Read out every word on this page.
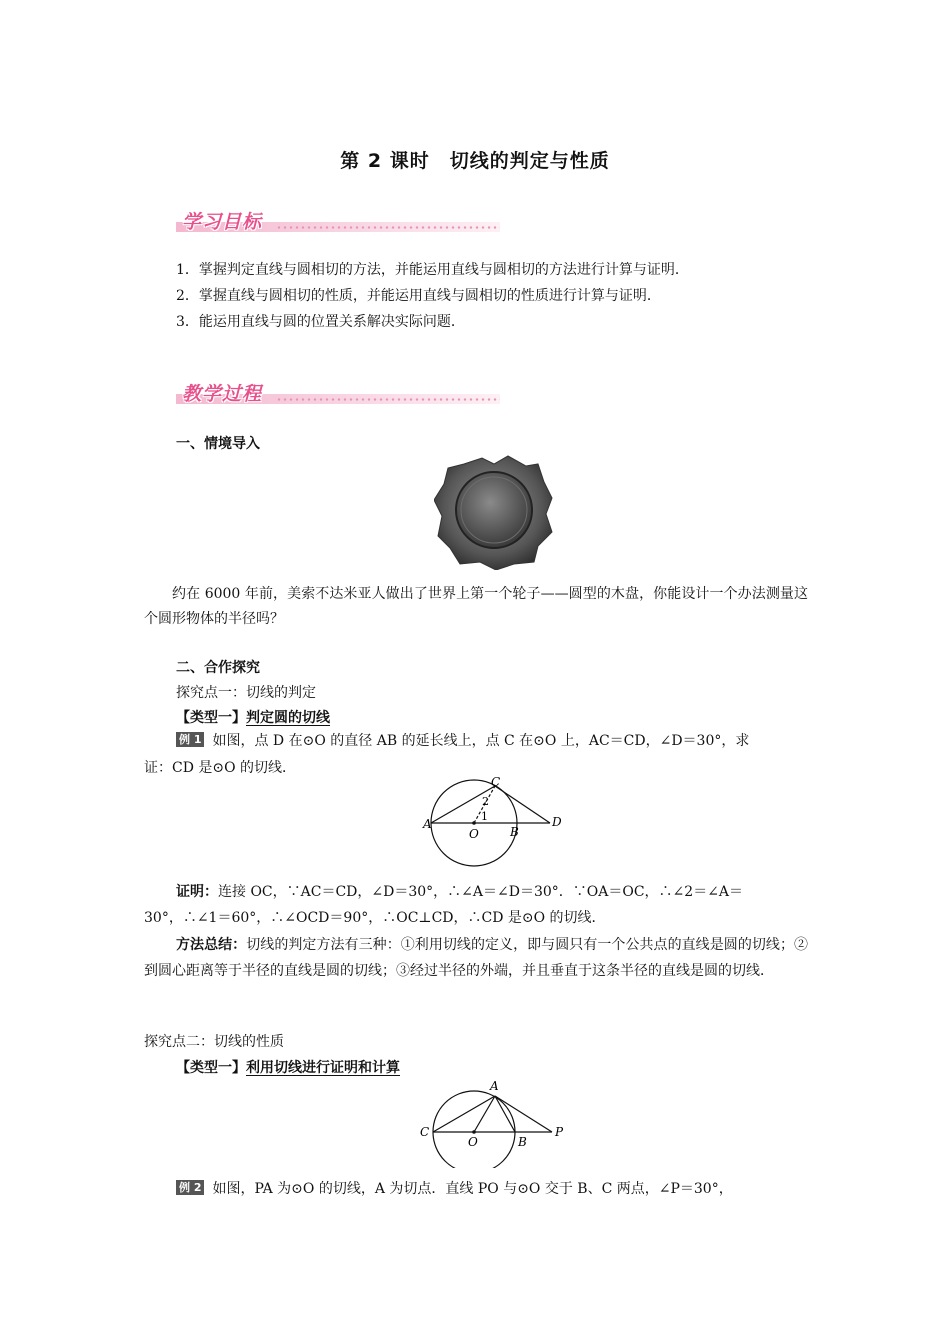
第 2 课时　切线的判定与性质
学习目标
1．掌握判定直线与圆相切的方法，并能运用直线与圆相切的方法进行计算与证明．
2．掌握直线与圆相切的性质，并能运用直线与圆相切的性质进行计算与证明．
3．能运用直线与圆的位置关系解决实际问题．
教学过程
一、情境导入
约在 6000 年前，美索不达米亚人做出了世界上第一个轮子——圆型的木盘，你能设计一个办法测量这个圆形物体的半径吗？
二、合作探究
探究点一：切线的判定
【类型一】判定圆的切线
例 1 如图，点 D 在⊙O 的直径 AB 的延长线上，点 C 在⊙O 上，AC＝CD，∠D＝30°，求
证：CD 是⊙O 的切线．
A
B
C
D
O
1
2
证明：连接 OC，∵AC＝CD，∠D＝30°，∴∠A＝∠D＝30°．∵OA＝OC，∴∠2＝∠A＝
30°，∴∠1＝60°，∴∠OCD＝90°，∴OC⊥CD，∴CD 是⊙O 的切线．
方法总结：切线的判定方法有三种：①利用切线的定义，即与圆只有一个公共点的直线是圆的切线；②到圆心距离等于半径的直线是圆的切线；③经过半径的外端，并且垂直于这条半径的直线是圆的切线．
探究点二：切线的性质
【类型一】利用切线进行证明和计算
A
B
C
O
P
例 2 如图，PA 为⊙O 的切线，A 为切点．直线 PO 与⊙O 交于 B、C 两点，∠P＝30°，
